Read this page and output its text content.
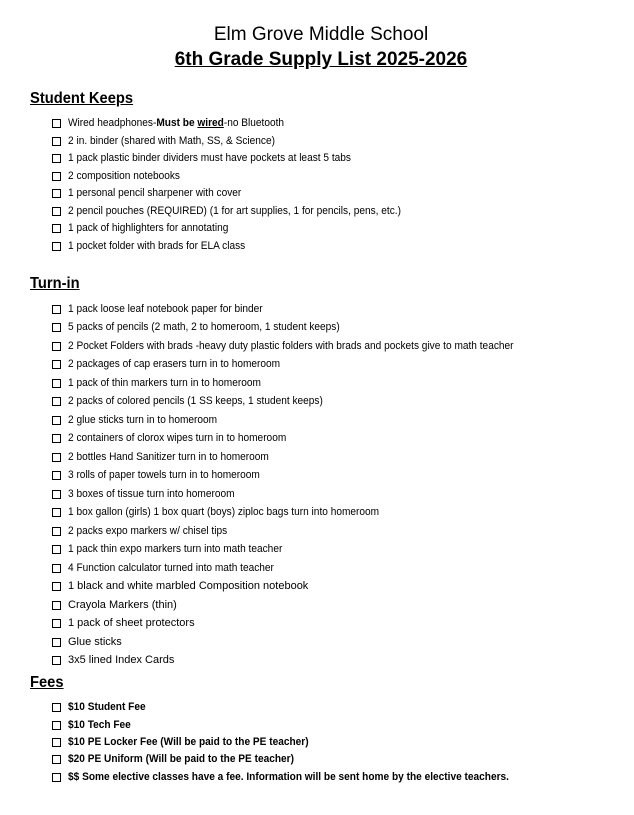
Elm Grove Middle School
6th Grade Supply List 2025-2026
Student Keeps
Wired headphones-Must be wired-no Bluetooth
2 in. binder (shared with Math, SS, & Science)
1 pack plastic binder dividers must have pockets at least 5 tabs
2 composition notebooks
1 personal pencil sharpener with cover
2 pencil pouches (REQUIRED) (1 for art supplies, 1 for pencils, pens, etc.)
1 pack of highlighters for annotating
1 pocket folder with brads for ELA class
Turn-in
1 pack loose leaf notebook paper for binder
5 packs of pencils (2 math, 2 to homeroom, 1 student keeps)
2 Pocket Folders with brads -heavy duty plastic folders with brads and pockets give to math teacher
2 packages of cap erasers turn in to homeroom
1 pack of thin markers turn in to homeroom
2 packs of colored pencils (1 SS keeps, 1 student keeps)
2 glue sticks turn in to homeroom
2 containers of clorox wipes turn in to homeroom
2 bottles Hand Sanitizer turn in to homeroom
3 rolls of paper towels turn in to homeroom
3 boxes of tissue turn into homeroom
1 box gallon (girls) 1 box quart (boys) ziploc bags turn into homeroom
2 packs expo markers w/ chisel tips
1 pack thin expo markers turn into math teacher
4 Function calculator turned into math teacher
1 black and white marbled Composition notebook
Crayola Markers (thin)
1 pack of sheet protectors
Glue sticks
3x5 lined Index Cards
Fees
$10 Student Fee
$10 Tech Fee
$10 PE Locker Fee (Will be paid to the PE teacher)
$20 PE Uniform (Will be paid to the PE teacher)
$$ Some elective classes have a fee. Information will be sent home by the elective teachers.
